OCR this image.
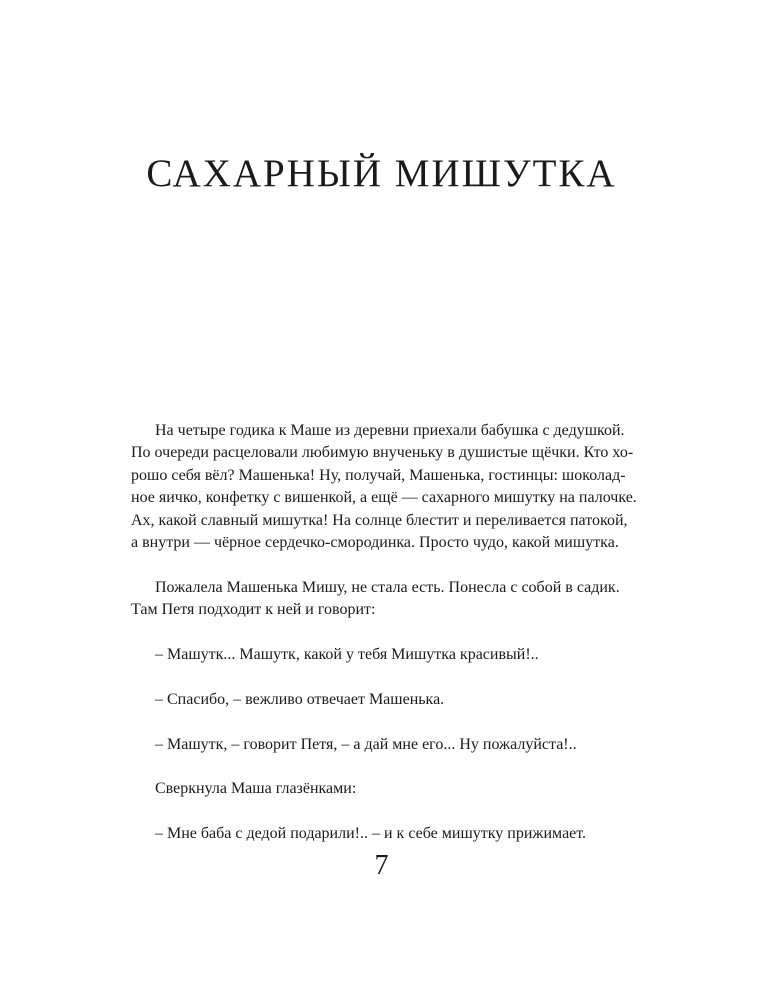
САХАРНЫЙ МИШУТКА

На четыре годика к Маше из деревни приехали бабушка с дедушкой.
По очереди расцеловали любимую внученьку в душистые щёчки. Кто хо-
рошо себя вёл? Машенька! Ну, получай, Машенька, гостинцы: шоколад-
ное яичко, конфетку с вишенкой, а ещё — сахарного мишутку на палочке.
Ах, какой славный мишутка! На солнце блестит и переливается патокой,
а внутри — чёрное сердечко-смородинка. Просто чудо, какой мишутка.

Пожалела Машенька Мишу, не стала есть. Понесла с собой в садик.
Там Петя подходит к ней и говорит:

– Машутк... Машутк, какой у тебя Мишутка красивый!..

– Спасибо, – вежливо отвечает Машенька.

– Машутк, – говорит Петя, – а дай мне его... Ну пожалуйста!..

Сверкнула Маша глазёнками:

– Мне баба с дедой подарили!.. – и к себе мишутку прижимает.

7
